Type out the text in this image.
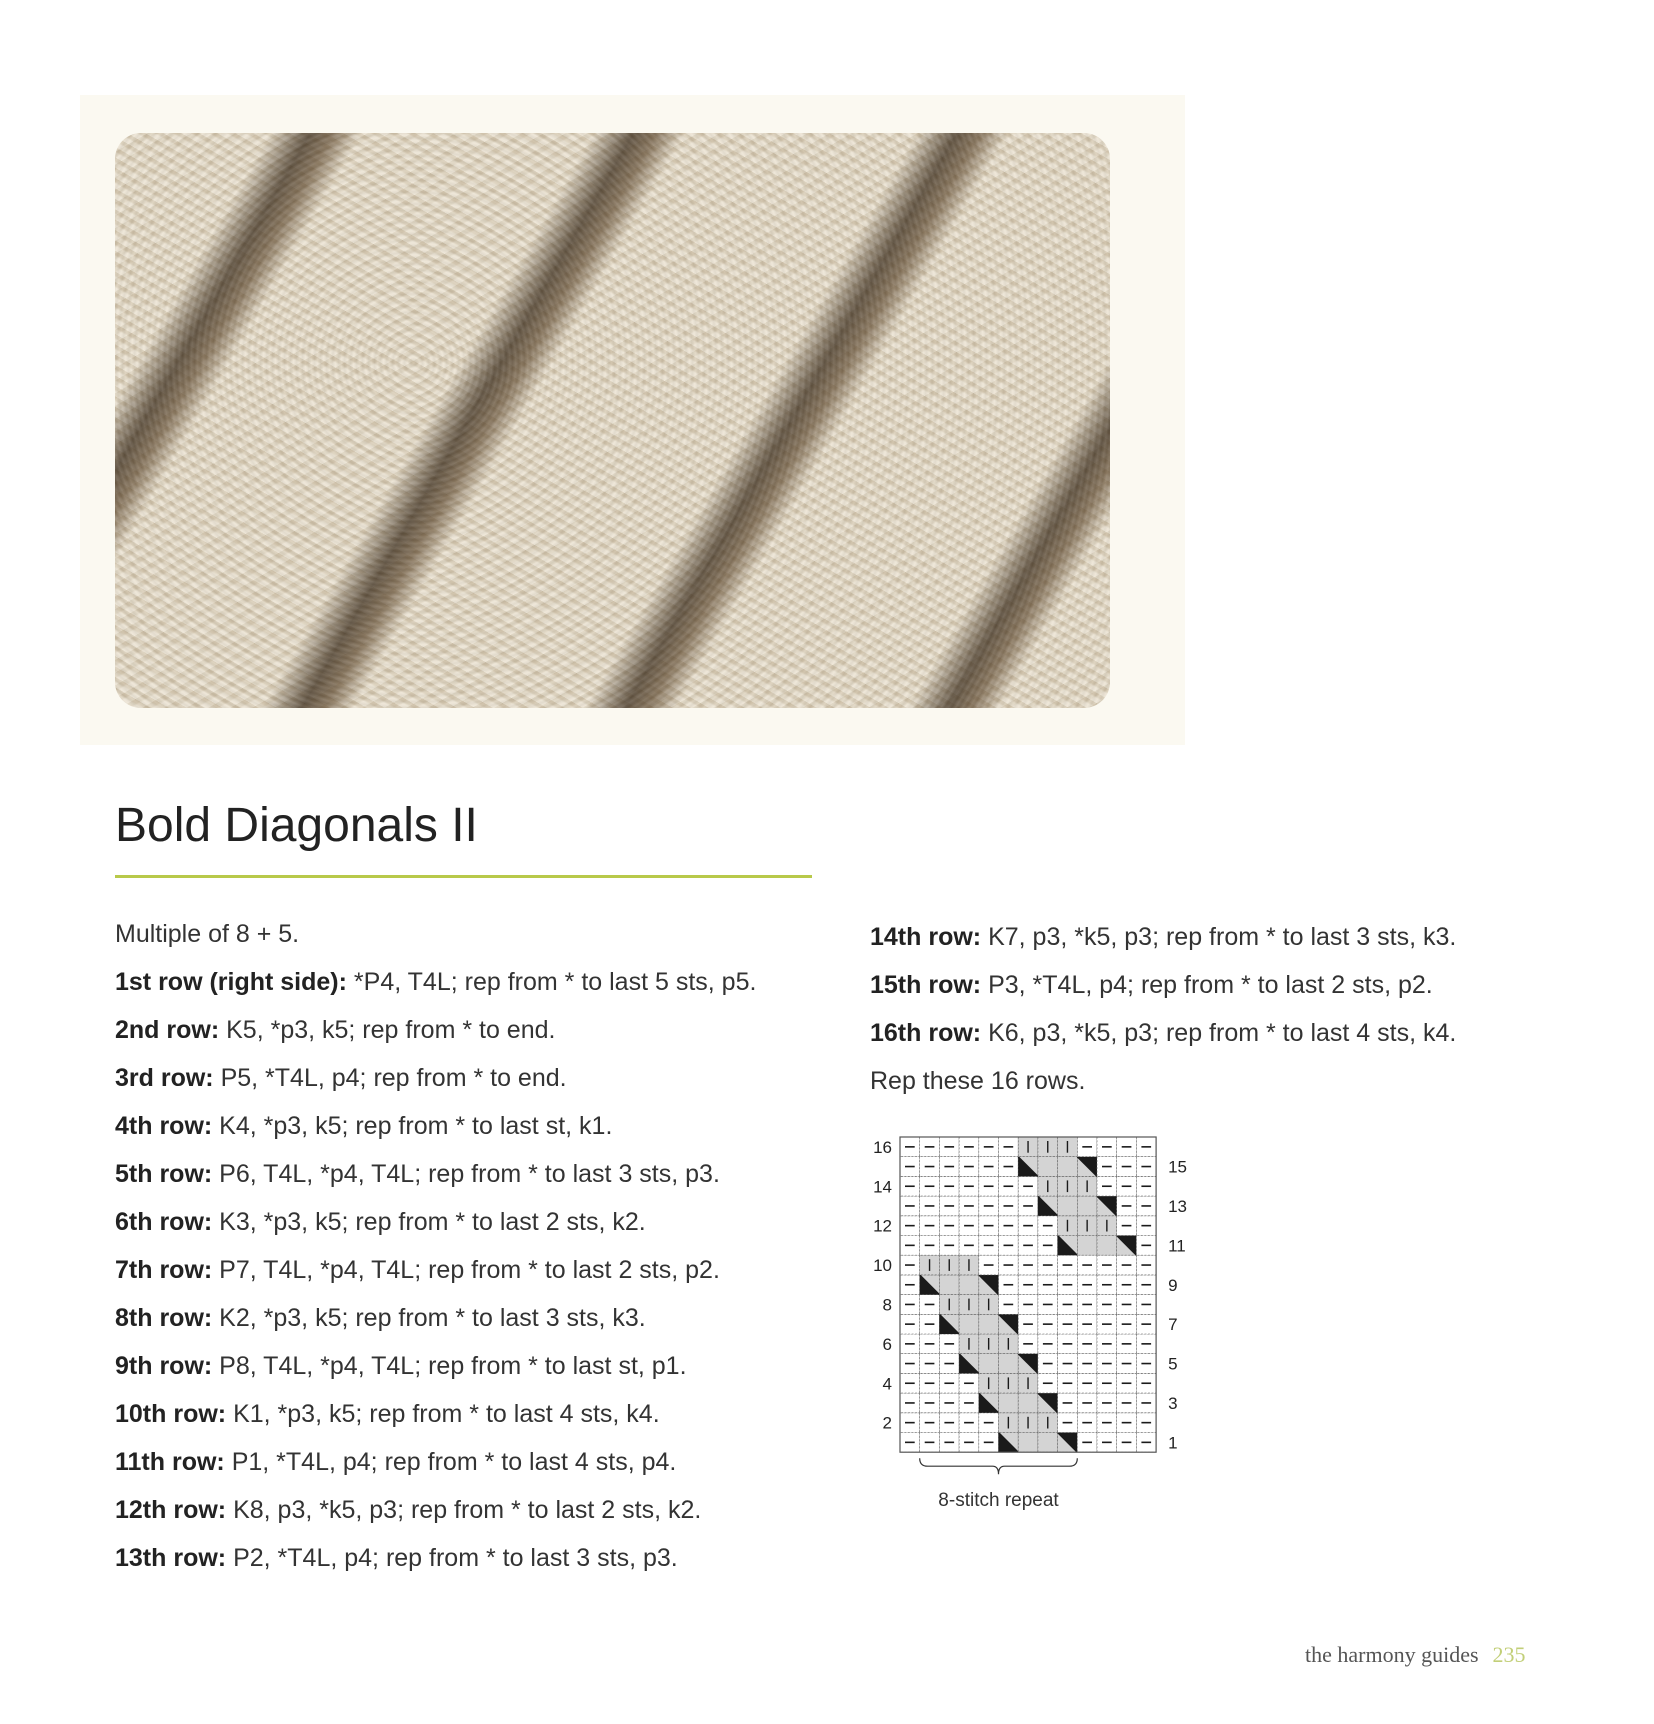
Bold Diagonals II
Multiple of 8 + 5.
1st row (right side): *P4, T4L; rep from * to last 5 sts, p5.
2nd row: K5, *p3, k5; rep from * to end.
3rd row: P5, *T4L, p4; rep from * to end.
4th row: K4, *p3, k5; rep from * to last st, k1.
5th row: P6, T4L, *p4, T4L; rep from * to last 3 sts, p3.
6th row: K3, *p3, k5; rep from * to last 2 sts, k2.
7th row: P7, T4L, *p4, T4L; rep from * to last 2 sts, p2.
8th row: K2, *p3, k5; rep from * to last 3 sts, k3.
9th row: P8, T4L, *p4, T4L; rep from * to last st, p1.
10th row: K1, *p3, k5; rep from * to last 4 sts, k4.
11th row: P1, *T4L, p4; rep from * to last 4 sts, p4.
12th row: K8, p3, *k5, p3; rep from * to last 2 sts, k2.
13th row: P2, *T4L, p4; rep from * to last 3 sts, p3.
14th row: K7, p3, *k5, p3; rep from * to last 3 sts, k3.
15th row: P3, *T4L, p4; rep from * to last 2 sts, p2.
16th row: K6, p3, *k5, p3; rep from * to last 4 sts, k4.
Rep these 16 rows.
16
14
12
10
8
6
4
2
15
13
11
9
7
5
3
1
8-stitch repeat
the harmony guides 235
